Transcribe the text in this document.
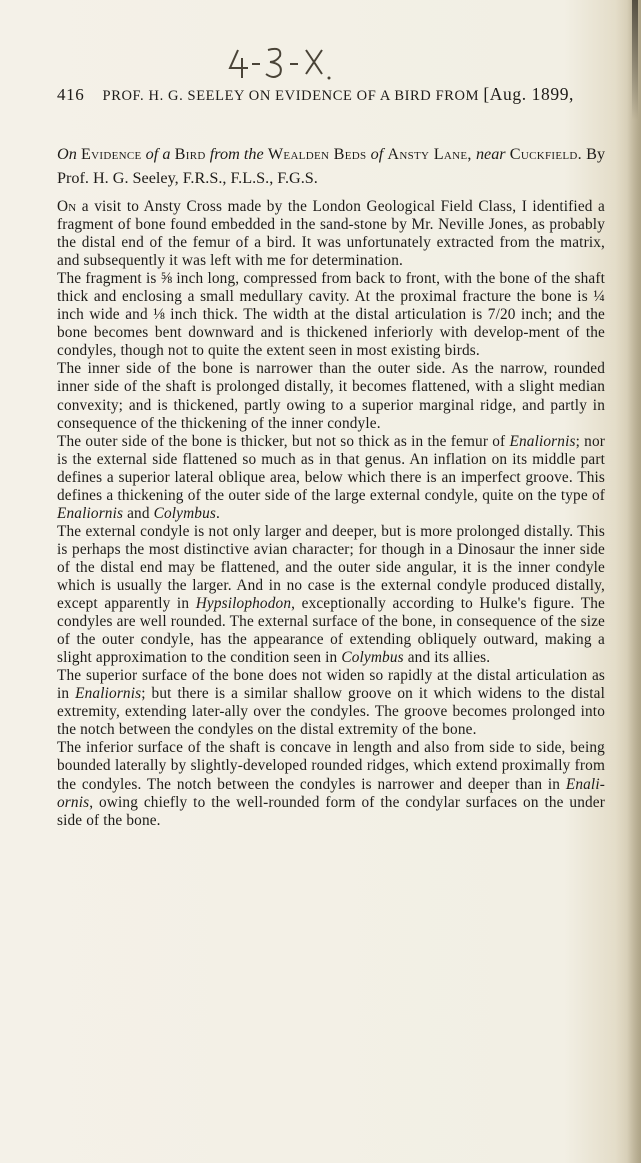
416 PROF. H. G. SEELEY ON EVIDENCE OF A BIRD FROM [Aug. 1899,
On Evidence of a Bird from the Wealden Beds of Ansty Lane, near Cuckfield. By Prof. H. G. Seeley, F.R.S., F.L.S., F.G.S.

On a visit to Ansty Cross made by the London Geological Field Class, I identified a fragment of bone found embedded in the sand-stone by Mr. Neville Jones, as probably the distal end of the femur of a bird. It was unfortunately extracted from the matrix, and subsequently it was left with me for determination.

The fragment is ⅝ inch long, compressed from back to front, with the bone of the shaft thick and enclosing a small medullary cavity. At the proximal fracture the bone is ¼ inch wide and ⅛ inch thick. The width at the distal articulation is 7/20 inch; and the bone becomes bent downward and is thickened inferiorly with develop-ment of the condyles, though not to quite the extent seen in most existing birds.

The inner side of the bone is narrower than the outer side. As the narrow, rounded inner side of the shaft is prolonged distally, it becomes flattened, with a slight median convexity; and is thickened, partly owing to a superior marginal ridge, and partly in consequence of the thickening of the inner condyle.

The outer side of the bone is thicker, but not so thick as in the femur of Enaliornis; nor is the external side flattened so much as in that genus. An inflation on its middle part defines a superior lateral oblique area, below which there is an imperfect groove. This defines a thickening of the outer side of the large external condyle, quite on the type of Enaliornis and Colymbus.

The external condyle is not only larger and deeper, but is more prolonged distally. This is perhaps the most distinctive avian character; for though in a Dinosaur the inner side of the distal end may be flattened, and the outer side angular, it is the inner condyle which is usually the larger. And in no case is the external condyle produced distally, except apparently in Hypsilophodon, exceptionally according to Hulke's figure. The condyles are well rounded. The external surface of the bone, in consequence of the size of the outer condyle, has the appearance of extending obliquely outward, making a slight approximation to the condition seen in Colymbus and its allies.

The superior surface of the bone does not widen so rapidly at the distal articulation as in Enaliornis; but there is a similar shallow groove on it which widens to the distal extremity, extending later-ally over the condyles. The groove becomes prolonged into the notch between the condyles on the distal extremity of the bone.

The inferior surface of the shaft is concave in length and also from side to side, being bounded laterally by slightly-developed rounded ridges, which extend proximally from the condyles. The notch between the condyles is narrower and deeper than in Enali-ornis, owing chiefly to the well-rounded form of the condylar surfaces on the under side of the bone.
